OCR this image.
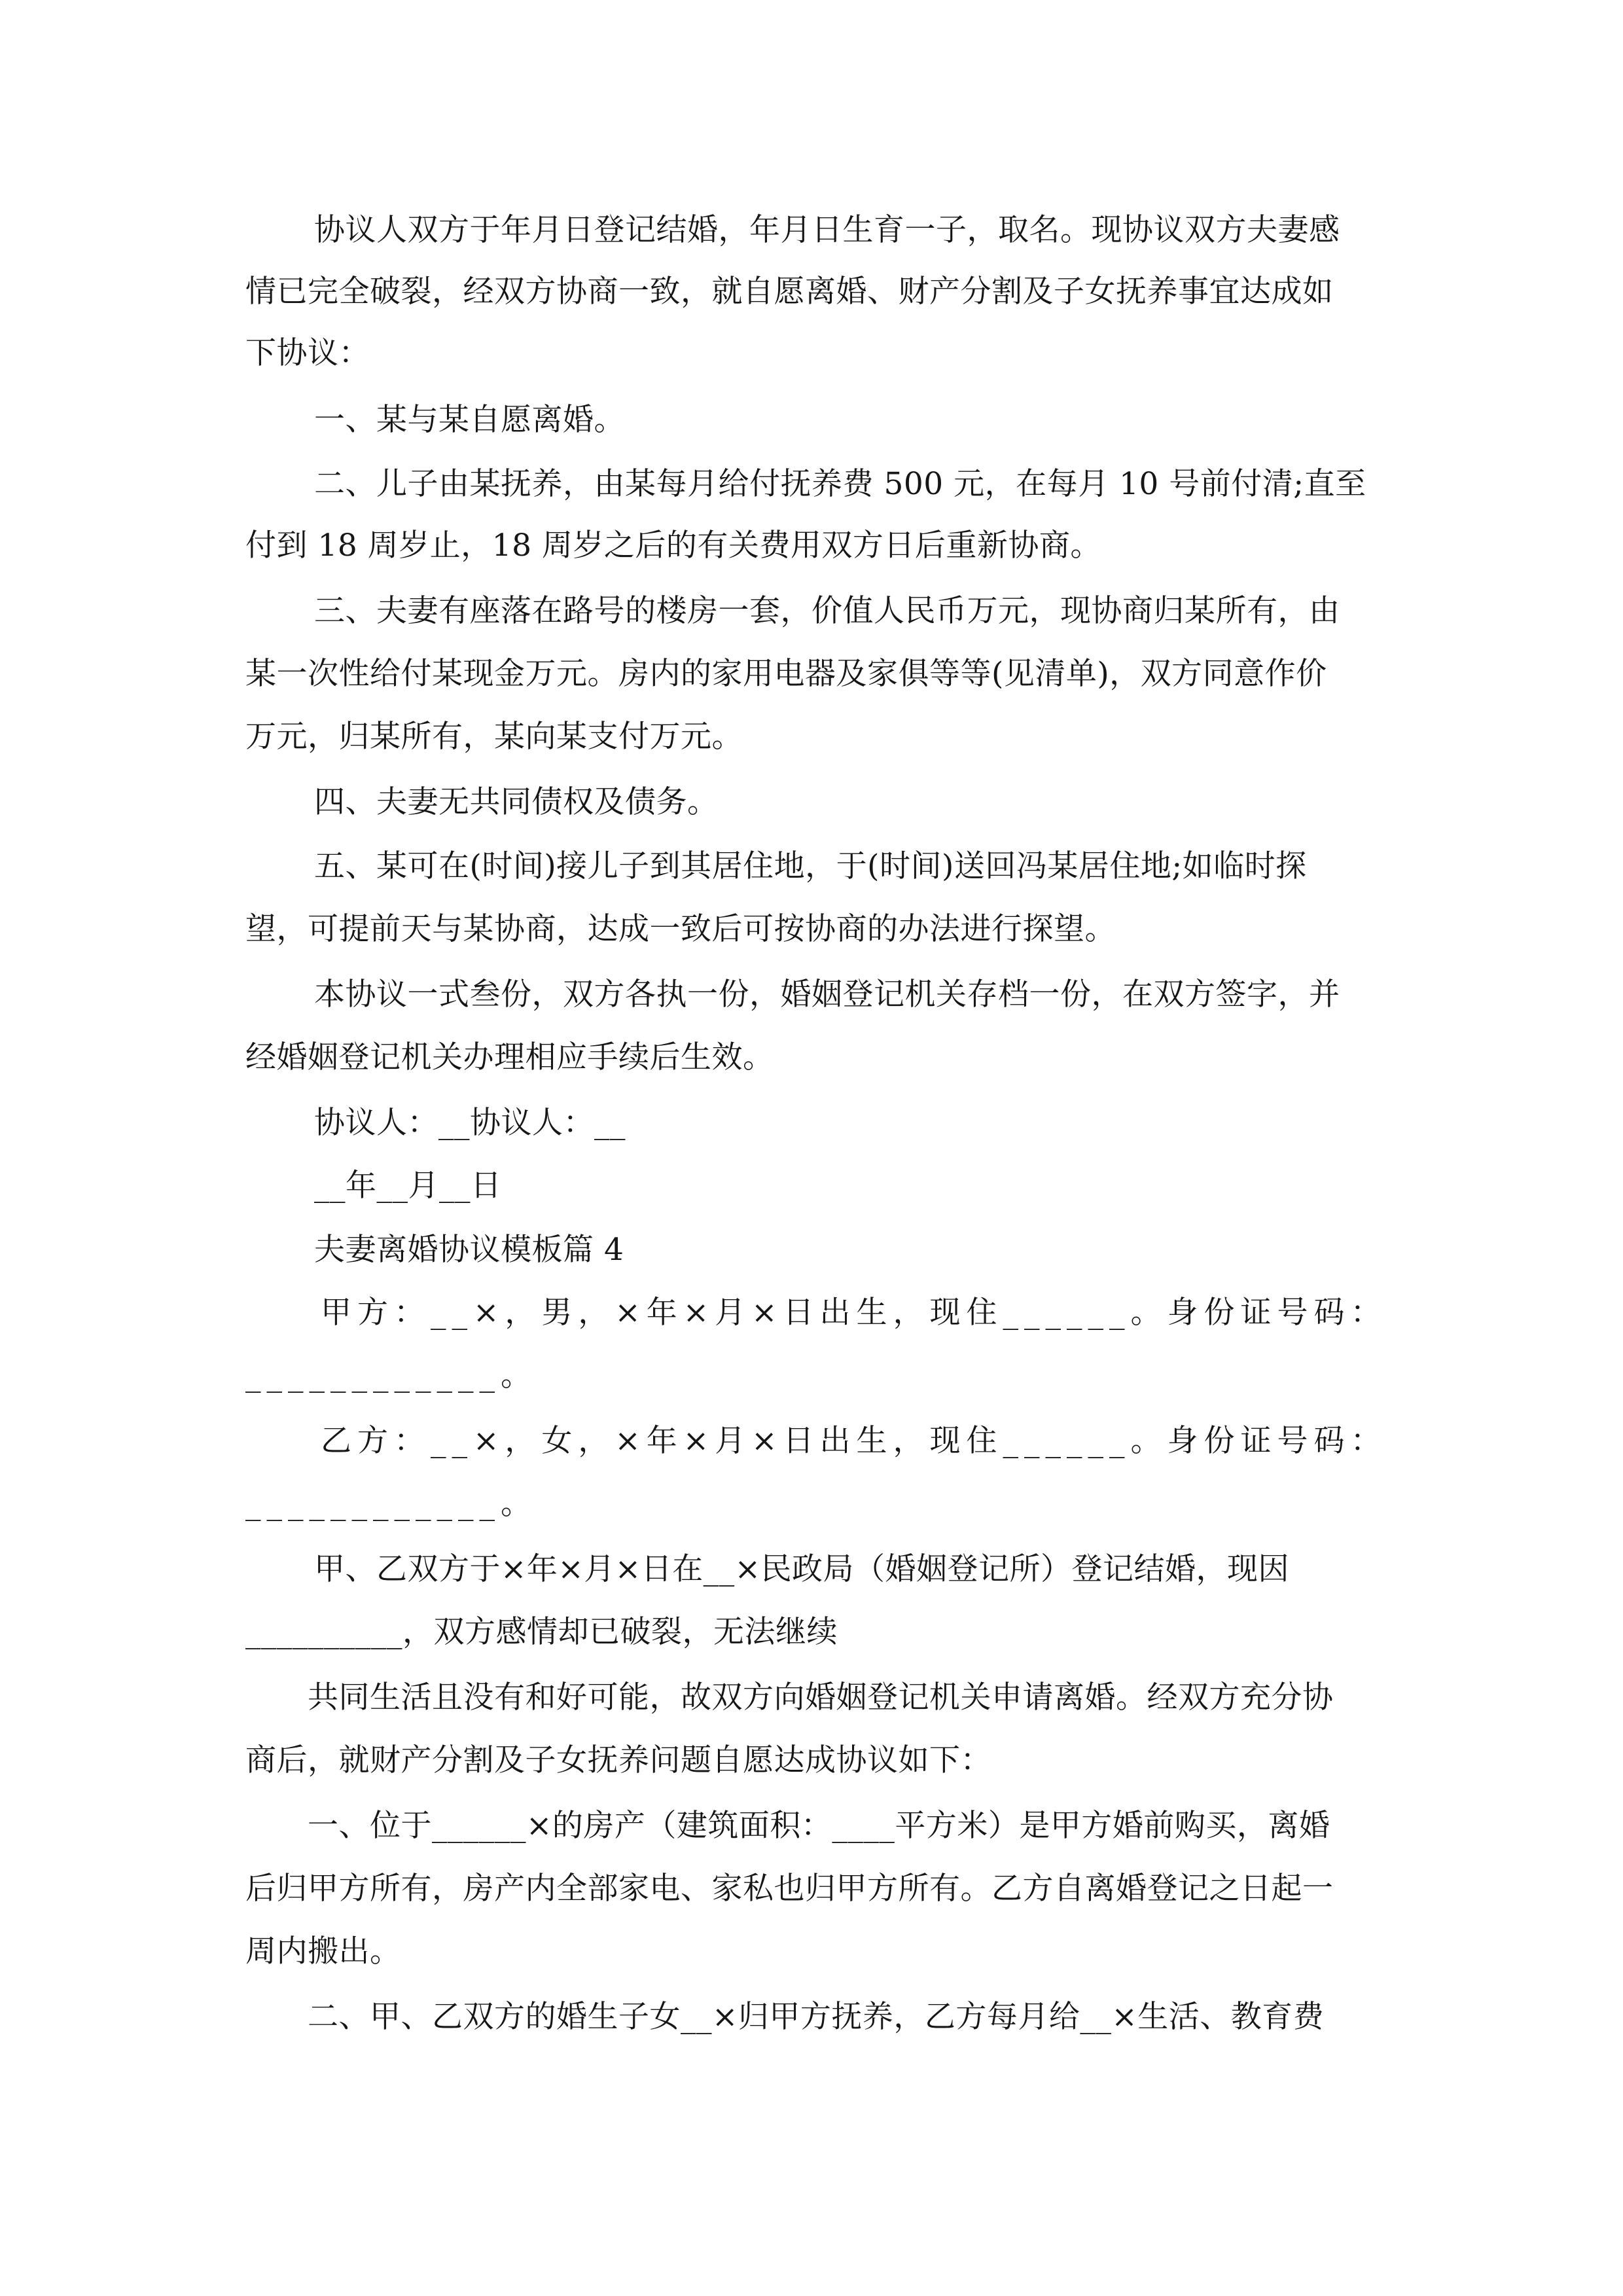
协议人双方于年月日登记结婚，年月日生育一子，取名。现协议双方夫妻感
情已完全破裂，经双方协商一致，就自愿离婚、财产分割及子女抚养事宜达成如
下协议：
一、某与某自愿离婚。
二、儿子由某抚养，由某每月给付抚养费 500 元，在每月 10 号前付清;直至
付到 18 周岁止，18 周岁之后的有关费用双方日后重新协商。
三、夫妻有座落在路号的楼房一套，价值人民币万元，现协商归某所有，由
某一次性给付某现金万元。房内的家用电器及家俱等等(见清单)，双方同意作价
万元，归某所有，某向某支付万元。
四、夫妻无共同债权及债务。
五、某可在(时间)接儿子到其居住地，于(时间)送回冯某居住地;如临时探
望，可提前天与某协商，达成一致后可按协商的办法进行探望。
本协议一式叁份，双方各执一份，婚姻登记机关存档一份，在双方签字，并
经婚姻登记机关办理相应手续后生效。
协议人：__协议人：__
__年__月__日
夫妻离婚协议模板篇 4
甲方：__×，男，×年×月×日出生，现住______。身份证号码：
____________。
乙方：__×，女，×年×月×日出生，现住______。身份证号码：
____________。
甲、乙双方于×年×月×日在__×民政局（婚姻登记所）登记结婚，现因
__________，双方感情却已破裂，无法继续
共同生活且没有和好可能，故双方向婚姻登记机关申请离婚。经双方充分协
商后，就财产分割及子女抚养问题自愿达成协议如下：
一、位于______×的房产（建筑面积：____平方米）是甲方婚前购买，离婚
后归甲方所有，房产内全部家电、家私也归甲方所有。乙方自离婚登记之日起一
周内搬出。
二、甲、乙双方的婚生子女__×归甲方抚养，乙方每月给__×生活、教育费
